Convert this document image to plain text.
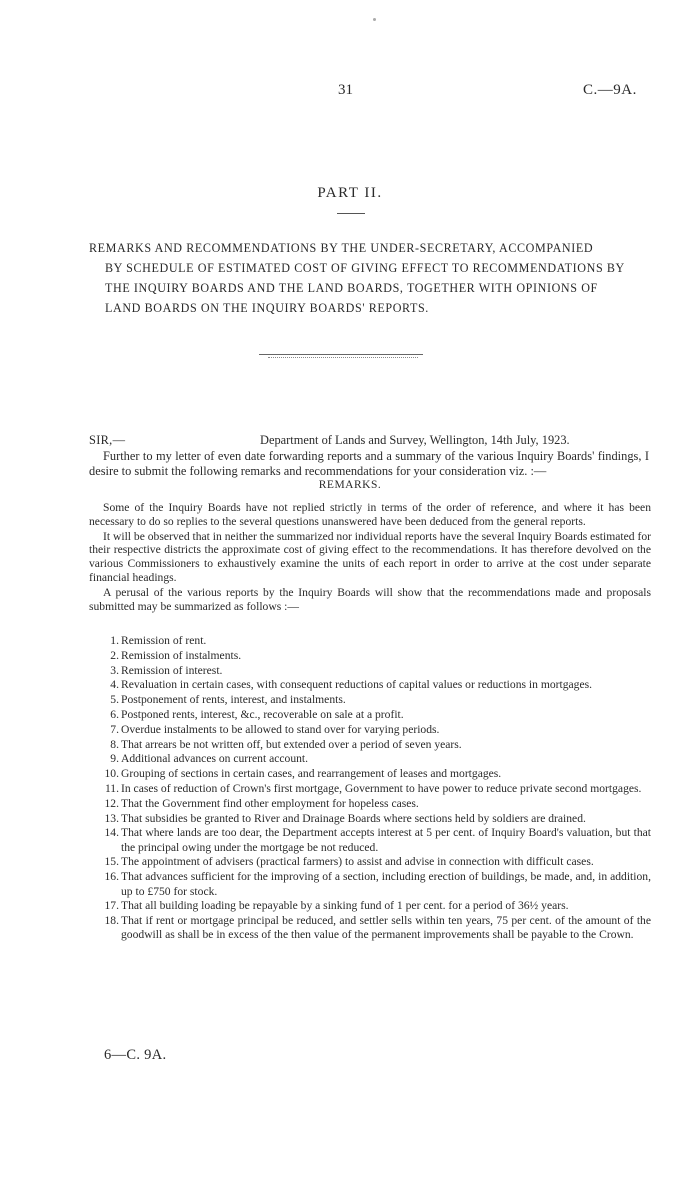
31	C.—9A.
PART II.
REMARKS AND RECOMMENDATIONS BY THE UNDER-SECRETARY, ACCOMPANIED
BY SCHEDULE OF ESTIMATED COST OF GIVING EFFECT TO RECOMMENDATIONS BY THE INQUIRY BOARDS AND THE LAND BOARDS, TOGETHER WITH OPINIONS OF LAND BOARDS ON THE INQUIRY BOARDS' REPORTS.
SIR,—	Department of Lands and Survey, Wellington, 14th July, 1923.
Further to my letter of even date forwarding reports and a summary of the various Inquiry Boards' findings, I desire to submit the following remarks and recommendations for your consideration viz. :—
REMARKS.

Some of the Inquiry Boards have not replied strictly in terms of the order of reference, and where it has been necessary to do so replies to the several questions unanswered have been deduced from the general reports.

It will be observed that in neither the summarized nor individual reports have the several Inquiry Boards estimated for their respective districts the approximate cost of giving effect to the recommendations. It has therefore devolved on the various Commissioners to exhaustively examine the units of each report in order to arrive at the cost under separate financial headings.

A perusal of the various reports by the Inquiry Boards will show that the recommendations made and proposals submitted may be summarized as follows :—

1. Remission of rent.
2. Remission of instalments.
3. Remission of interest.
4. Revaluation in certain cases, with consequent reductions of capital values or reductions in mortgages.
5. Postponement of rents, interest, and instalments.
6. Postponed rents, interest, &c., recoverable on sale at a profit.
7. Overdue instalments to be allowed to stand over for varying periods.
8. That arrears be not written off, but extended over a period of seven years.
9. Additional advances on current account.
10. Grouping of sections in certain cases, and rearrangement of leases and mortgages.
11. In cases of reduction of Crown's first mortgage, Government to have power to reduce private second mortgages.
12. That the Government find other employment for hopeless cases.
13. That subsidies be granted to River and Drainage Boards where sections held by soldiers are drained.
14. That where lands are too dear, the Department accepts interest at 5 per cent. of Inquiry Board's valuation, but that the principal owing under the mortgage be not reduced.
15. The appointment of advisers (practical farmers) to assist and advise in connection with difficult cases.
16. That advances sufficient for the improving of a section, including erection of buildings, be made, and, in addition, up to £750 for stock.
17. That all building loading be repayable by a sinking fund of 1 per cent. for a period of 36½ years.
18. That if rent or mortgage principal be reduced, and settler sells within ten years, 75 per cent. of the amount of the goodwill as shall be in excess of the then value of the permanent improvements shall be payable to the Crown.
6—C. 9A.
